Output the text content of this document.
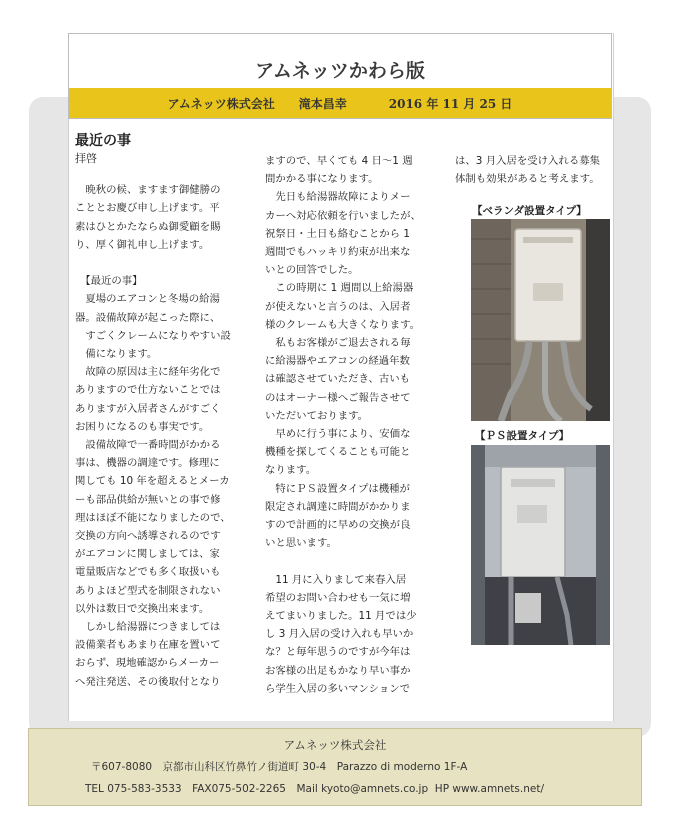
アムネッツかわら版
アムネッツ株式会社 滝本昌幸	2016 年 11 月 25 日
最近の事
拝啓

　晩秋の候、ますます御健勝の

こととお慶び申し上げます。平

素はひとかたならぬ御愛顧を賜

り、厚く御礼申し上げます。

　【最近の事】

　夏場のエアコンと冬場の給湯

器。設備故障が起こった際に、

　すごくクレームになりやすい設

　備になります。

　故障の原因は主に経年劣化で

ありますので仕方ないことでは

ありますが入居者さんがすごく

お困りになるのも事実です。

　設備故障で一番時間がかかる

事は、機器の調達です。修理に

関しても 10 年を超えるとメーカ

ーも部品供給が無いとの事で修

理はほぼ不能になりましたので、

交換の方向へ誘導されるのです

がエアコンに関しましては、家

電量販店などでも多く取扱いも

ありよほど型式を制限されない

以外は数日で交換出来ます。

　しかし給湯器につきましては

設備業者もあまり在庫を置いて

おらず、現地確認からメーカー

へ発注発送、その後取付となり

ますので、早くても 4 日～1 週

間かかる事になります。

　先日も給湯器故障によりメー

カーへ対応依頼を行いましたが、

祝祭日・土日も絡むことから 1

週間でもハッキリ約束が出来な

いとの回答でした。

　この時期に 1 週間以上給湯器

が使えないと言うのは、入居者

様のクレームも大きくなります。

　私もお客様がご退去される毎

に給湯器やエアコンの経過年数

は確認させていただき、古いも

のはオーナー様へご報告させて

いただいております。

　早めに行う事により、安価な

機種を探してくることも可能と

なります。

　特にＰＳ設置タイプは機種が

限定され調達に時間がかかりま

すので計画的に早めの交換が良

いと思います。

　11 月に入りまして来春入居

希望のお問い合わせも一気に増

えてまいりました。11 月では少

し 3 月入居の受け入れも早いか

な？と毎年思うのですが今年は

お客様の出足もかなり早い事か

ら学生入居の多いマンションで

は、3 月入居を受け入れる募集

体制も効果があると考えます。

【ベランダ設置タイプ】
【ＰＳ設置タイプ】
アムネッツ株式会社
〒607-8080　京都市山科区竹鼻竹ノ街道町 30-4　Parazzo di moderno 1F-A
TEL 075-583-3533　FAX075-502-2265　Mail kyoto@amnets.co.jp  HP www.amnets.net/
